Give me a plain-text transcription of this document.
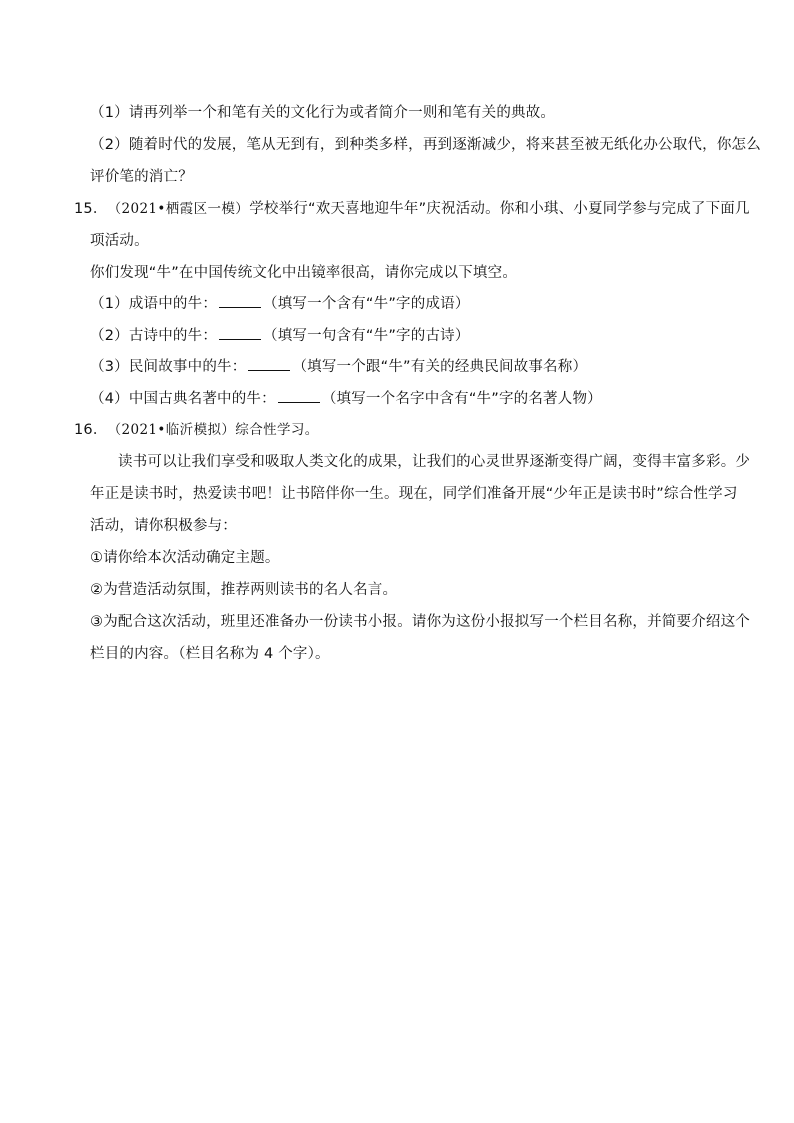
（1）请再列举一个和笔有关的文化行为或者简介一则和笔有关的典故。
（2）随着时代的发展，笔从无到有，到种类多样，再到逐渐减少，将来甚至被无纸化办公取代，你怎么
评价笔的消亡？
15．（2021•栖霞区一模）学校举行“欢天喜地迎牛年”庆祝活动。你和小琪、小夏同学参与完成了下面几
项活动。
你们发现“牛”在中国传统文化中出镜率很高，请你完成以下填空。
（1）成语中的牛：	（填写一个含有“牛”字的成语）
（2）古诗中的牛：	（填写一句含有“牛”字的古诗）
（3）民间故事中的牛：	（填写一个跟“牛”有关的经典民间故事名称）
（4）中国古典名著中的牛：	（填写一个名字中含有“牛”字的名著人物）
16．（2021•临沂模拟）综合性学习。
读书可以让我们享受和吸取人类文化的成果，让我们的心灵世界逐渐变得广阔，变得丰富多彩。少
年正是读书时，热爱读书吧！让书陪伴你一生。现在，同学们准备开展“少年正是读书时”综合性学习
活动，请你积极参与：
①请你给本次活动确定主题。
②为营造活动氛围，推荐两则读书的名人名言。
③为配合这次活动，班里还准备办一份读书小报。请你为这份小报拟写一个栏目名称，并简要介绍这个
栏目的内容。（栏目名称为 4 个字）。
